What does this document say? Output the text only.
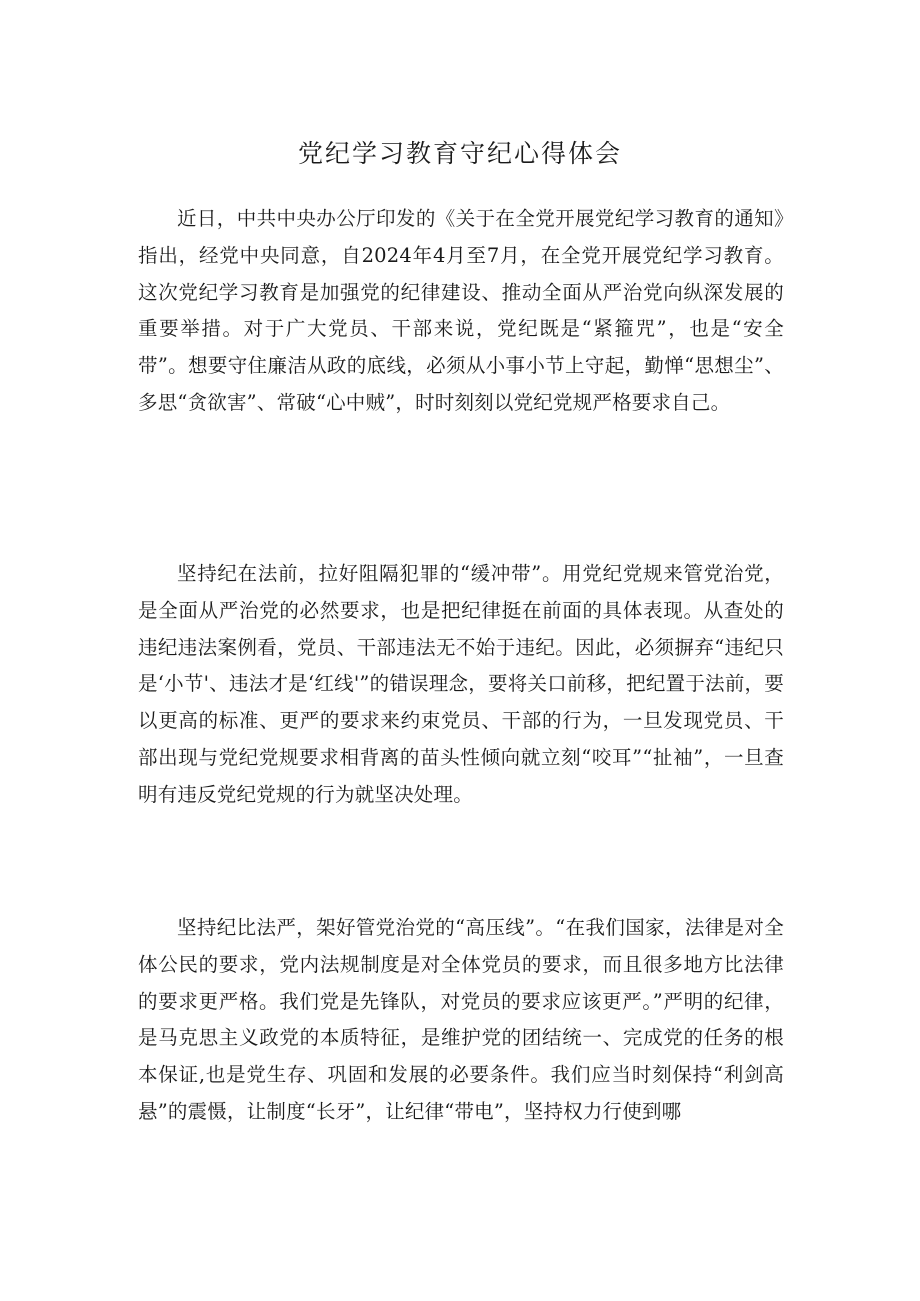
党纪学习教育守纪心得体会

近日，中共中央办公厅印发的《关于在全党开展党纪学习教育的通知》指出，经党中央同意，自2024年4月至7月，在全党开展党纪学习教育。这次党纪学习教育是加强党的纪律建设、推动全面从严治党向纵深发展的重要举措。对于广大党员、干部来说，党纪既是“紧箍咒”，也是“安全带”。想要守住廉洁从政的底线，必须从小事小节上守起，勤惮“思想尘”、多思“贪欲害”、常破“心中贼”，时时刻刻以党纪党规严格要求自己。

坚持纪在法前，拉好阻隔犯罪的“缓冲带”。用党纪党规来管党治党，是全面从严治党的必然要求，也是把纪律挺在前面的具体表现。从查处的违纪违法案例看，党员、干部违法无不始于违纪。因此，必须摒弃“违纪只是‘小节'、违法才是‘红线'”的错误理念，要将关口前移，把纪置于法前，要以更高的标准、更严的要求来约束党员、干部的行为，一旦发现党员、干部出现与党纪党规要求相背离的苗头性倾向就立刻“咬耳”“扯袖”，一旦查明有违反党纪党规的行为就坚决处理。

坚持纪比法严，架好管党治党的“高压线”。“在我们国家，法律是对全体公民的要求，党内法规制度是对全体党员的要求，而且很多地方比法律的要求更严格。我们党是先锋队，对党员的要求应该更严。”严明的纪律，是马克思主义政党的本质特征，是维护党的团结统一、完成党的任务的根本保证,也是党生存、巩固和发展的必要条件。我们应当时刻保持“利剑高悬”的震慑，让制度“长牙”，让纪律“带电”，坚持权力行使到哪
